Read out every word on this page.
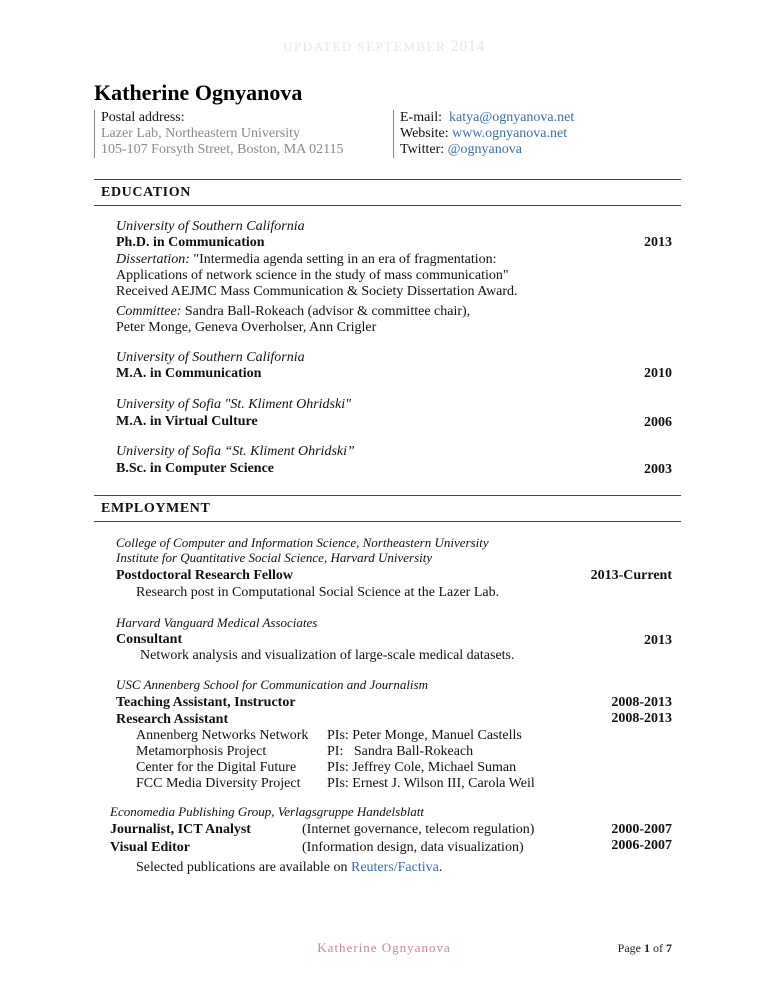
UPDATED SEPTEMBER 2014
Katherine Ognyanova
Postal address:
Lazer Lab, Northeastern University
105-107 Forsyth Street, Boston, MA 02115
E-mail: katya@ognyanova.net
Website: www.ognyanova.net
Twitter: @ognyanova
EDUCATION
University of Southern California
Ph.D. in Communication	2013
Dissertation: "Intermedia agenda setting in an era of fragmentation:
Applications of network science in the study of mass communication"
Received AEJMC Mass Communication & Society Dissertation Award.
Committee: Sandra Ball-Rokeach (advisor & committee chair),
Peter Monge, Geneva Overholser, Ann Crigler
University of Southern California
M.A. in Communication	2010
University of Sofia "St. Kliment Ohridski"
M.A. in Virtual Culture	2006
University of Sofia “St. Kliment Ohridski”
B.Sc. in Computer Science	2003
EMPLOYMENT
College of Computer and Information Science, Northeastern University
Institute for Quantitative Social Science, Harvard University
Postdoctoral Research Fellow	2013-Current
Research post in Computational Social Science at the Lazer Lab.
Harvard Vanguard Medical Associates
Consultant	2013
Network analysis and visualization of large-scale medical datasets.
USC Annenberg School for Communication and Journalism
Teaching Assistant, Instructor	2008-2013
Research Assistant	2008-2013
Annenberg Networks Network PIs: Peter Monge, Manuel Castells
Metamorphosis Project	PI:   Sandra Ball-Rokeach
Center for the Digital Future PIs: Jeffrey Cole, Michael Suman
FCC Media Diversity Project PIs: Ernest J. Wilson III, Carola Weil
Economedia Publishing Group, Verlagsgruppe Handelsblatt
Journalist, ICT Analyst	(Internet governance, telecom regulation)	2000-2007
Visual Editor	(Information design, data visualization)	2006-2007
Selected publications are available on Reuters/Factiva.
Katherine Ognyanova	Page 1 of 7
